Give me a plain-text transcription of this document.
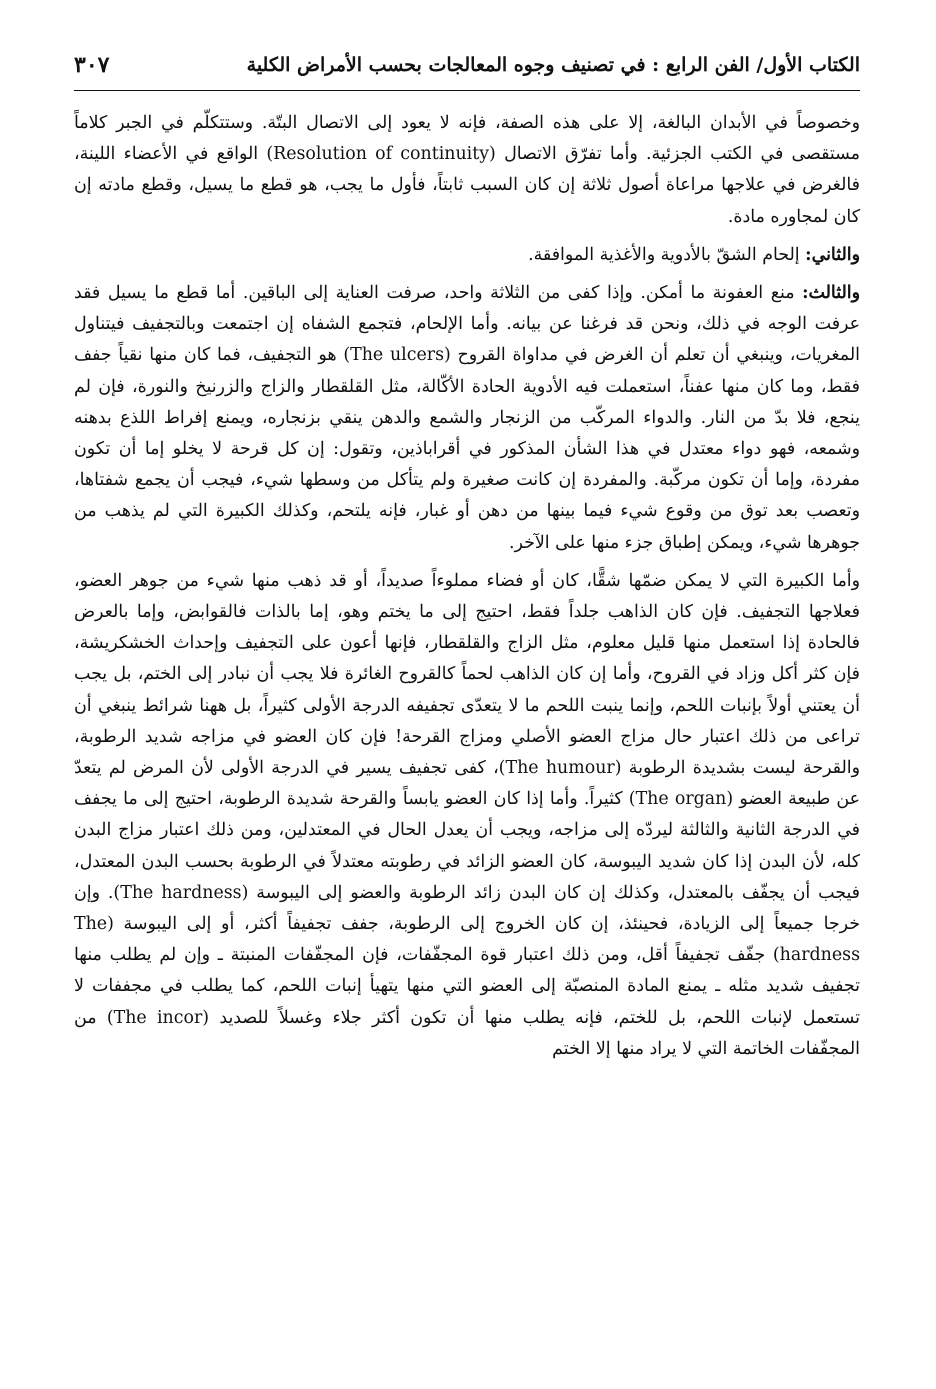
الكتاب الأول/ الفن الرابع : في تصنيف وجوه المعالجات بحسب الأمراض الكلية
٣٠٧

وخصوصاً في الأبدان البالغة، إلا على هذه الصفة، فإنه لا يعود إلى الاتصال البتّة. وستتكلّم في الجبر كلاماً مستقصى في الكتب الجزئية. وأما تفرّق الاتصال (Resolution of continuity) الواقع في الأعضاء اللينة، فالغرض في علاجها مراعاة أصول ثلاثة إن كان السبب ثابتاً، فأول ما يجب، هو قطع ما يسيل، وقطع مادته إن كان لمجاوره مادة.

والثاني: إلحام الشقّ بالأدوية والأغذية الموافقة.

والثالث: منع العفونة ما أمكن. وإذا كفى من الثلاثة واحد، صرفت العناية إلى الباقين. أما قطع ما يسيل فقد عرفت الوجه في ذلك، ونحن قد فرغنا عن بيانه. وأما الإلحام، فتجمع الشفاه إن اجتمعت وبالتجفيف فيتناول المغريات، وينبغي أن تعلم أن الغرض في مداواة القروح (The ulcers) هو التجفيف، فما كان منها نقياً جفف فقط، وما كان منها عفناً، استعملت فيه الأدوية الحادة الأكّالة، مثل القلقطار والزاج والزرنيخ والنورة، فإن لم ينجع، فلا بدّ من النار. والدواء المركّب من الزنجار والشمع والدهن ينقي بزنجاره، ويمنع إفراط اللذع بدهنه وشمعه، فهو دواء معتدل في هذا الشأن المذكور في أقراباذين، وتقول: إن كل قرحة لا يخلو إما أن تكون مفردة، وإما أن تكون مركّبة. والمفردة إن كانت صغيرة ولم يتأكل من وسطها شيء، فيجب أن يجمع شفتاها، وتعصب بعد توق من وقوع شيء فيما بينها من دهن أو غبار، فإنه يلتحم، وكذلك الكبيرة التي لم يذهب من جوهرها شيء، ويمكن إطباق جزء منها على الآخر.

وأما الكبيرة التي لا يمكن ضمّها شقًّا، كان أو فضاء مملوءاً صديداً، أو قد ذهب منها شيء من جوهر العضو، فعلاجها التجفيف. فإن كان الذاهب جلداً فقط، احتيج إلى ما يختم وهو، إما بالذات فالقوابض، وإما بالعرض فالحادة إذا استعمل منها قليل معلوم، مثل الزاج والقلقطار، فإنها أعون على التجفيف وإحداث الخشكريشة، فإن كثر أكل وزاد في القروح، وأما إن كان الذاهب لحماً كالقروح الغائرة فلا يجب أن نبادر إلى الختم، بل يجب أن يعتني أولاً بإنبات اللحم، وإنما ينبت اللحم ما لا يتعدّى تجفيفه الدرجة الأولى كثيراً، بل ههنا شرائط ينبغي أن تراعى من ذلك اعتبار حال مزاج العضو الأصلي ومزاج القرحة! فإن كان العضو في مزاجه شديد الرطوبة، والقرحة ليست بشديدة الرطوبة (The humour)، كفى تجفيف يسير في الدرجة الأولى لأن المرض لم يتعدّ عن طبيعة العضو (The organ) كثيراً. وأما إذا كان العضو يابساً والقرحة شديدة الرطوبة، احتيج إلى ما يجفف في الدرجة الثانية والثالثة ليردّه إلى مزاجه، ويجب أن يعدل الحال في المعتدلين، ومن ذلك اعتبار مزاج البدن كله، لأن البدن إذا كان شديد اليبوسة، كان العضو الزائد في رطوبته معتدلاً في الرطوبة بحسب البدن المعتدل، فيجب أن يجفّف بالمعتدل، وكذلك إن كان البدن زائد الرطوبة والعضو إلى اليبوسة (The hardness). وإن خرجا جميعاً إلى الزيادة، فحينئذ، إن كان الخروج إلى الرطوبة، جفف تجفيفاً أكثر، أو إلى اليبوسة (The hardness) جفّف تجفيفاً أقل، ومن ذلك اعتبار قوة المجفّفات، فإن المجفّفات المنبتة ـ وإن لم يطلب منها تجفيف شديد مثله ـ يمنع المادة المنصبّة إلى العضو التي منها يتهيأ إنبات اللحم، كما يطلب في مجففات لا تستعمل لإنبات اللحم، بل للختم، فإنه يطلب منها أن تكون أكثر جلاء وغسلاً للصديد (The incor) من المجفّفات الخاتمة التي لا يراد منها إلا الختم
